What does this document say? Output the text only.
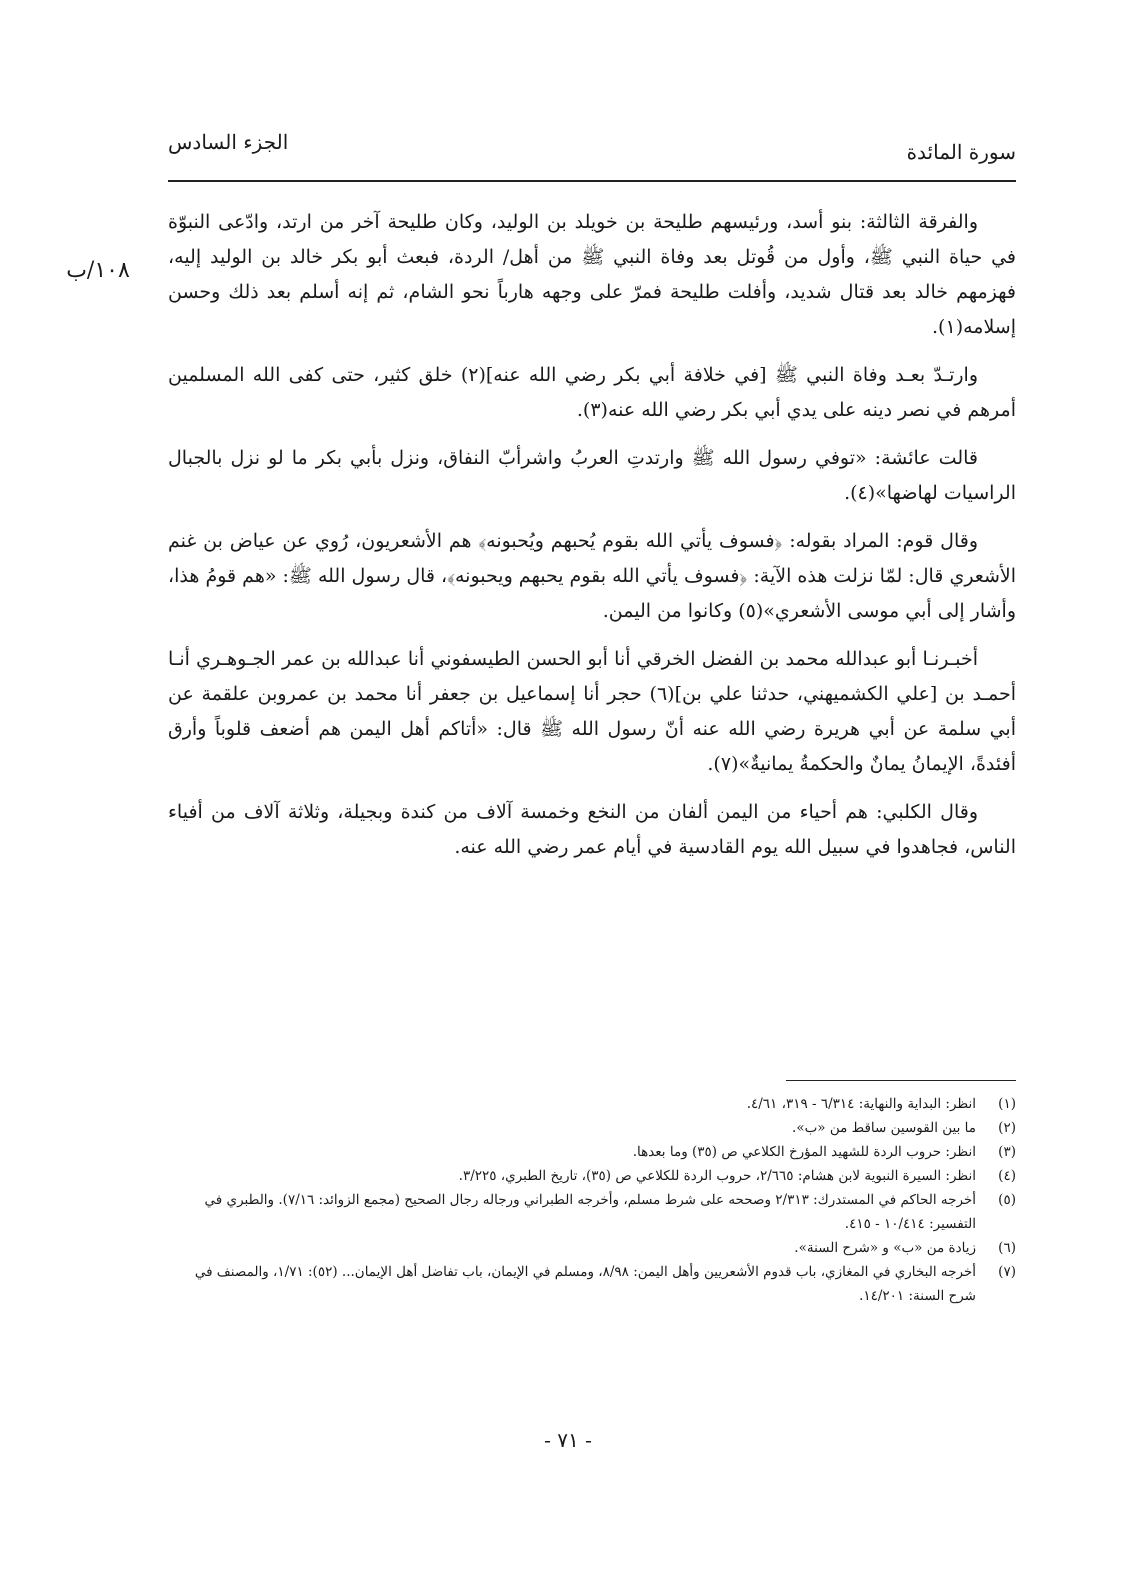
سورة المائدة
الجزء السادس
١٠٨/ب

والفرقة الثالثة: بنو أسد، ورئيسهم طليحة بن خويلد بن الوليد، وكان طليحة آخر من ارتد، وادّعى النبوّة في حياة النبي ﷺ، وأول من قُوتل بعد وفاة النبي ﷺ من أهل/ الردة، فبعث أبو بكر خالد بن الوليد إليه، فهزمهم خالد بعد قتال شديد، وأفلت طليحة فمرّ على وجهه هارباً نحو الشام، ثم إنه أسلم بعد ذلك وحسن إسلامه(١).

وارتـدّ بعـد وفاة النبي ﷺ [في خلافة أبي بكر رضي الله عنه](٢) خلق كثير، حتى كفى الله المسلمين أمرهم في نصر دينه على يدي أبي بكر رضي الله عنه(٣).

قالت عائشة: «توفي رسول الله ﷺ وارتدتِ العربُ واشرأبّ النفاق، ونزل بأبي بكر ما لو نزل بالجبال الراسيات لهاضها»(٤).

وقال قوم: المراد بقوله: ﴿فسوف يأتي الله بقوم يُحبهم ويُحبونه﴾ هم الأشعريون، رُوي عن عياض بن غنم الأشعري قال: لمّا نزلت هذه الآية: ﴿فسوف يأتي الله بقوم يحبهم ويحبونه﴾، قال رسول الله ﷺ: «هم قومُ هذا، وأشار إلى أبي موسى الأشعري»(٥) وكانوا من اليمن.

أخبـرنـا أبو عبدالله محمد بن الفضل الخرقي أنا أبو الحسن الطيسفوني أنا عبدالله بن عمر الجـوهـري أنـا أحمـد بن [علي الكشميهني، حدثنا علي بن](٦) حجر أنا إسماعيل بن جعفر أنا محمد بن عمروبن علقمة عن أبي سلمة عن أبي هريرة رضي الله عنه أنّ رسول الله ﷺ قال: «أتاكم أهل اليمن هم أضعف قلوباً وأرق أفئدةً، الإيمانُ يمانٌ والحكمةُ يمانيةٌ»(٧).

وقال الكلبي: هم أحياء من اليمن ألفان من النخع وخمسة آلاف من كندة وبجيلة، وثلاثة آلاف من أفياء الناس، فجاهدوا في سبيل الله يوم القادسية في أيام عمر رضي الله عنه.

(١)
انظر: البداية والنهاية: ٦/٣١٤ - ٣١٩، ٤/٦١.
(٢)
ما بين القوسين ساقط من «ب».
(٣)
انظر: حروب الردة للشهيد المؤرخ الكلاعي ص (٣٥) وما بعدها.
(٤)
انظر: السيرة النبوية لابن هشام: ٢/٦٦٥، حروب الردة للكلاعي ص (٣٥)، تاريخ الطبري، ٣/٢٢٥.
(٥)
أخرجه الحاكم في المستدرك: ٢/٣١٣ وصححه على شرط مسلم، وأخرجه الطبراني ورجاله رجال الصحيح (مجمع الزوائد: ٧/١٦). والطبري في التفسير: ١٠/٤١٤ - ٤١٥.
(٦)
زيادة من «ب» و «شرح السنة».
(٧)
أخرجه البخاري في المغازي، باب قدوم الأشعريين وأهل اليمن: ٨/٩٨، ومسلم في الإيمان، باب تفاضل أهل الإيمان... (٥٢): ١/٧١، والمصنف في شرح السنة: ١٤/٢٠١.
- ٧١ -
